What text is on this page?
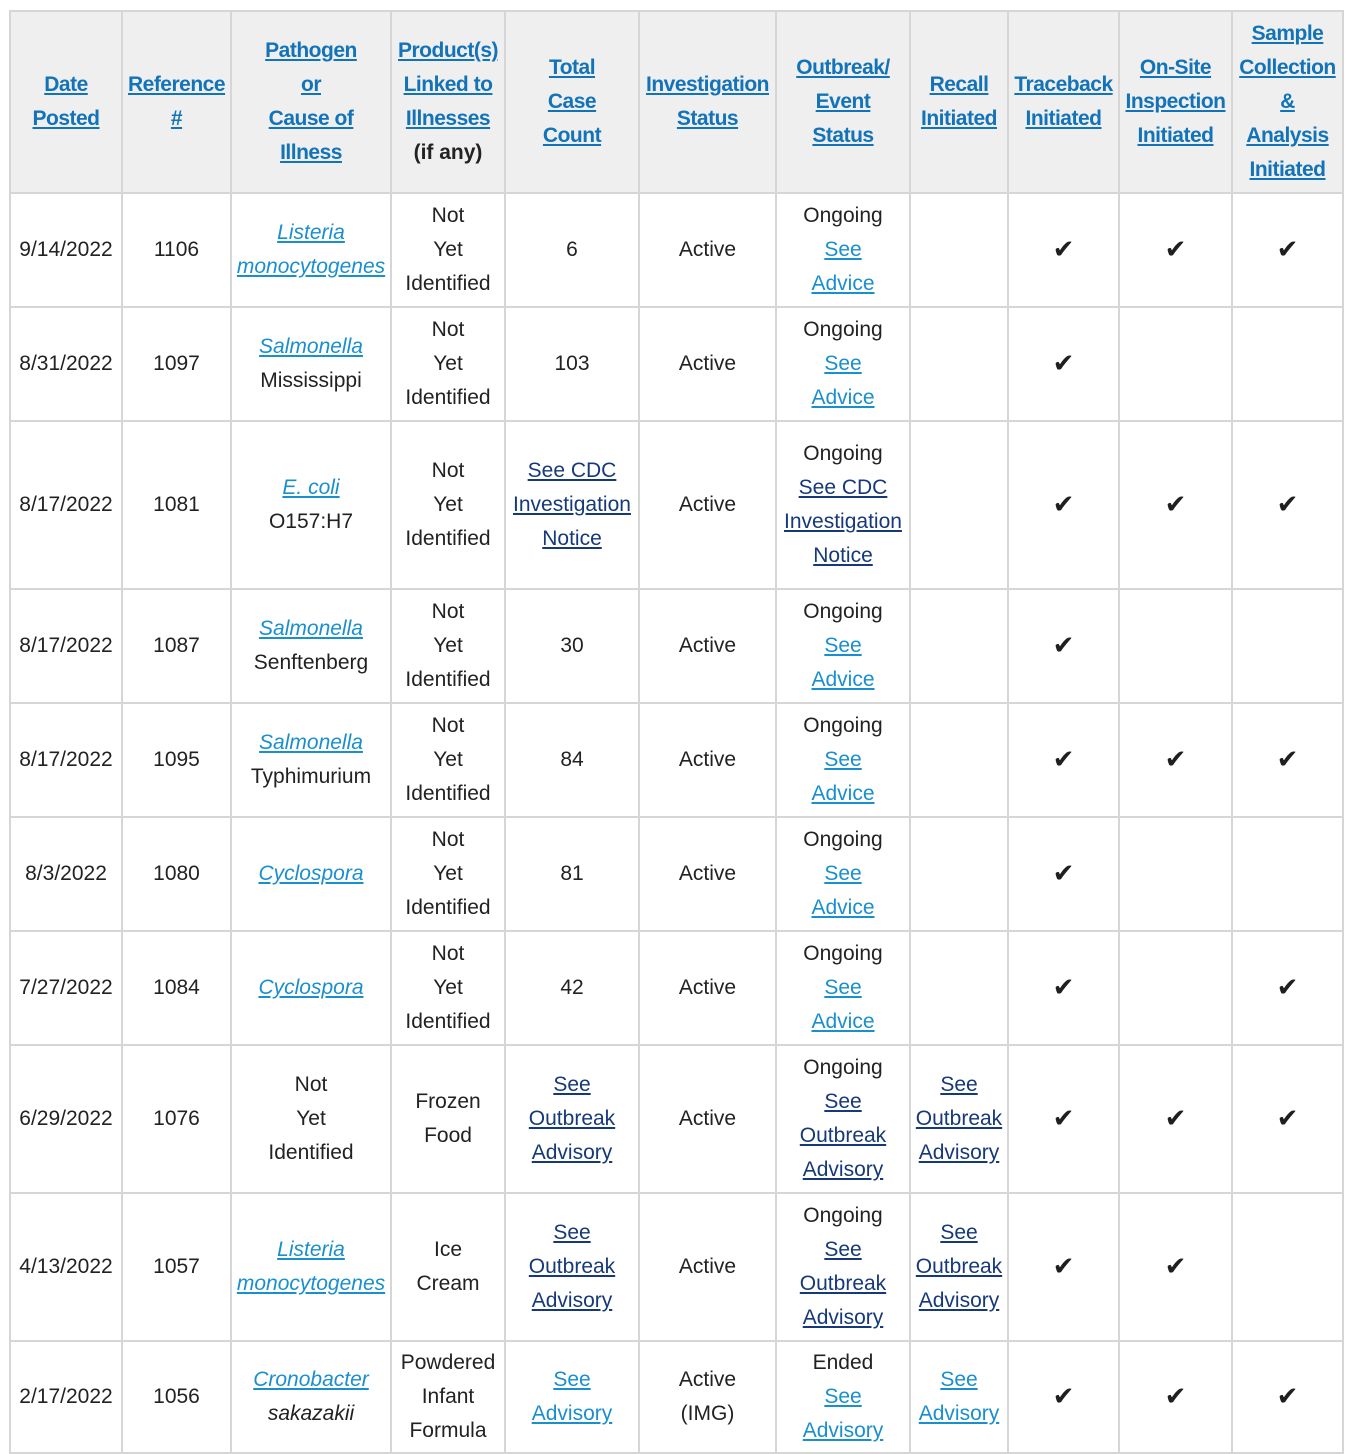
Date
Posted	Reference
#	Pathogen
or
Cause of
Illness	Product(s)
Linked to
Illnesses
(if any)	Total
Case
Count	Investigation
Status	Outbreak/
Event
Status	Recall
Initiated	Traceback
Initiated	On-Site
Inspection
Initiated	Sample
Collection
&
Analysis
Initiated

9/14/2022	1106	Listeria monocytogenes	Not
Yet
Identified	6	Active	Ongoing
See
Advice		✔	✔	✔
8/31/2022	1097	Salmonella
Mississippi	Not
Yet
Identified	103	Active	Ongoing
See
Advice		✔		
8/17/2022	1081	E. coli
O157:H7	Not
Yet
Identified	See CDC
Investigation
Notice	Active	Ongoing
See CDC
Investigation
Notice		✔	✔	✔
8/17/2022	1087	Salmonella
Senftenberg	Not
Yet
Identified	30	Active	Ongoing
See
Advice		✔		
8/17/2022	1095	Salmonella
Typhimurium	Not
Yet
Identified	84	Active	Ongoing
See
Advice		✔	✔	✔
8/3/2022	1080	Cyclospora	Not
Yet
Identified	81	Active	Ongoing
See
Advice		✔		
7/27/2022	1084	Cyclospora	Not
Yet
Identified	42	Active	Ongoing
See
Advice		✔		✔
6/29/2022	1076	Not
Yet
Identified	Frozen
Food	See
Outbreak
Advisory	Active	Ongoing
See
Outbreak
Advisory	See
Outbreak
Advisory	✔	✔	✔
4/13/2022	1057	Listeria monocytogenes	Ice
Cream	See
Outbreak
Advisory	Active	Ongoing
See
Outbreak
Advisory	See
Outbreak
Advisory	✔	✔	
2/17/2022	1056	Cronobacter
sakazakii	Powdered
Infant
Formula	See
Advisory	Active
(IMG)	Ended
See
Advisory	See
Advisory	✔	✔	✔
